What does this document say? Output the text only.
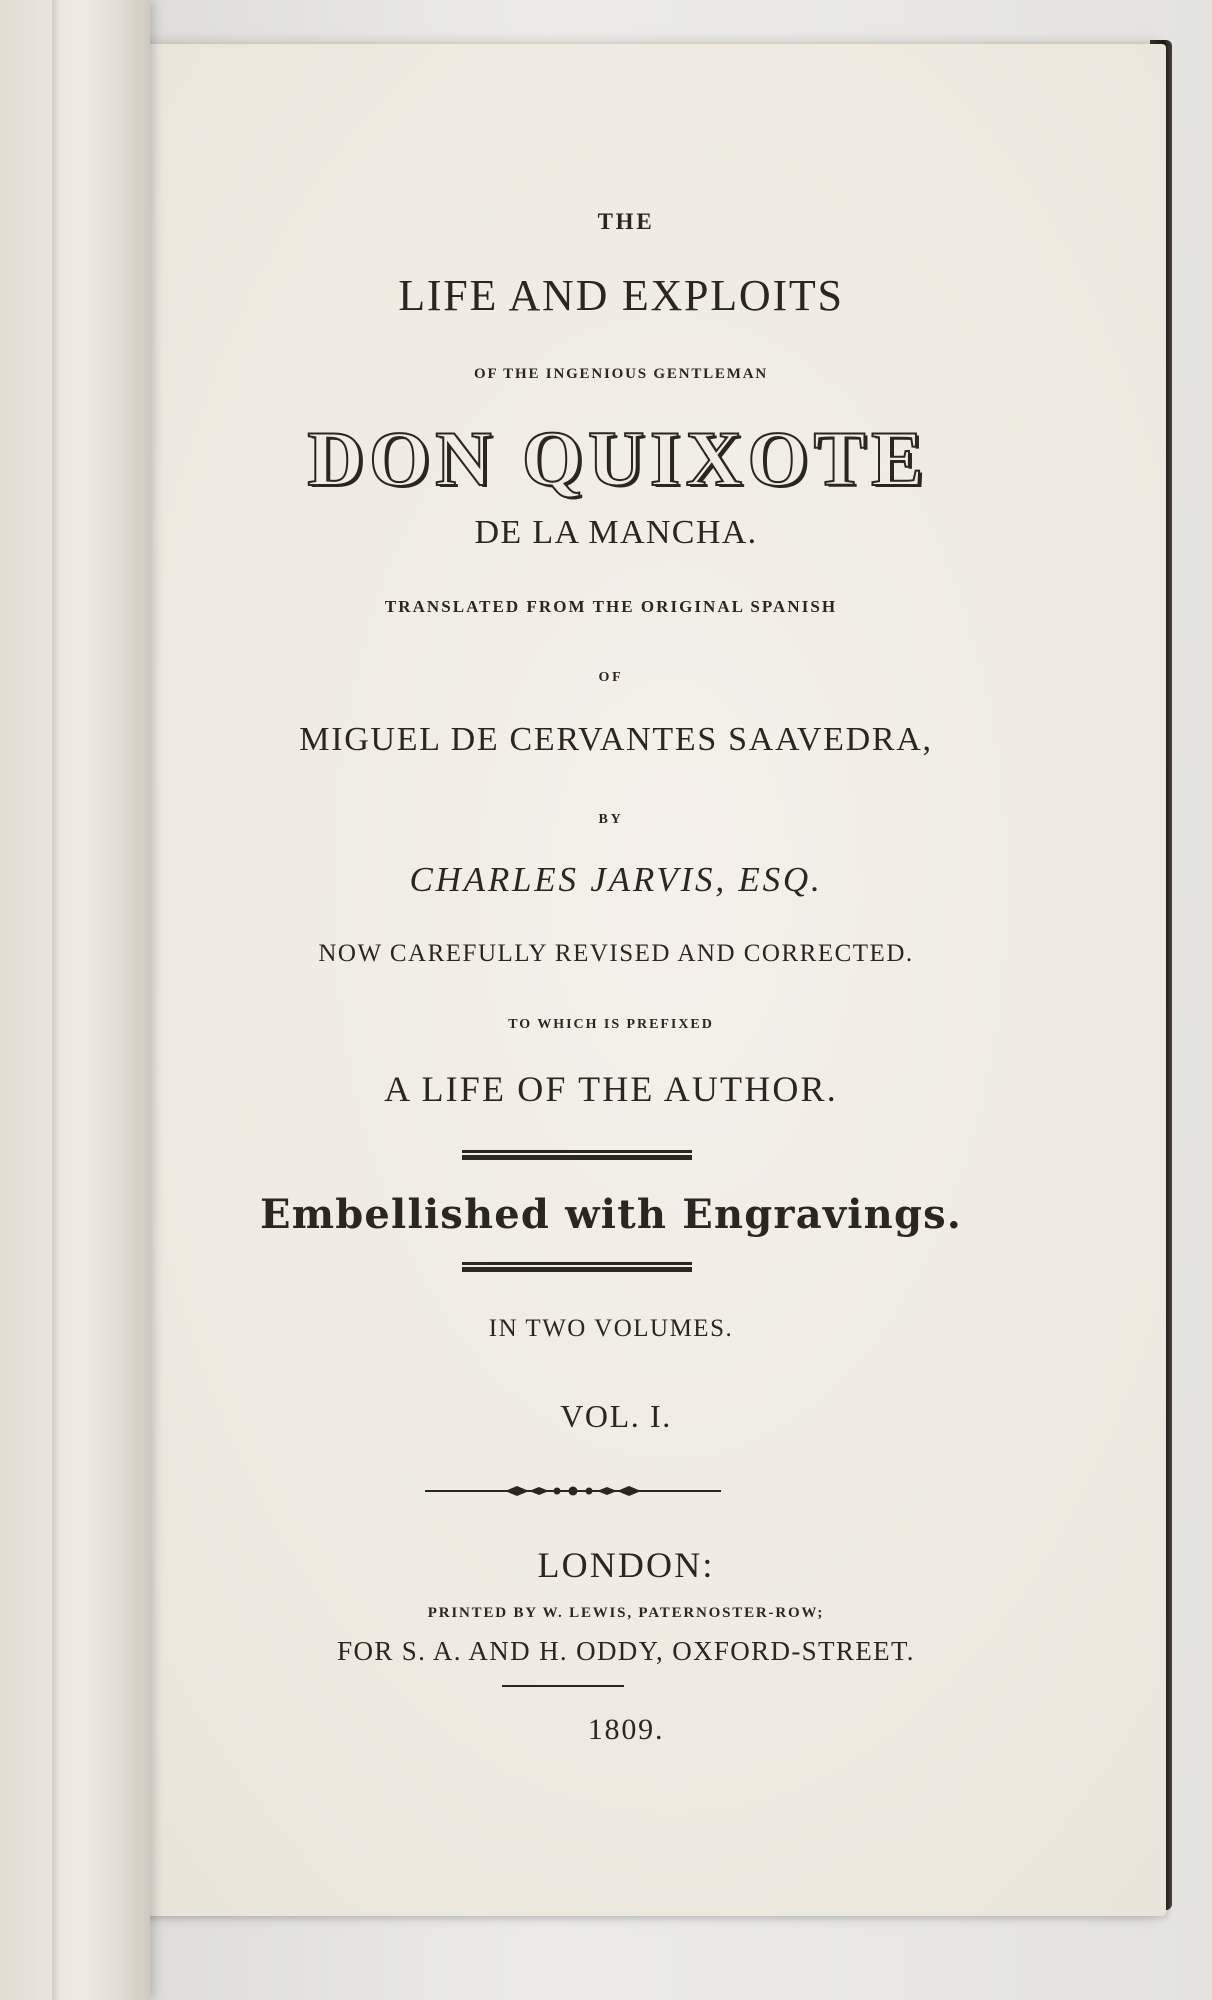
THE
LIFE AND EXPLOITS
OF THE INGENIOUS GENTLEMAN
DON QUIXOTE
DE LA MANCHA.
TRANSLATED FROM THE ORIGINAL SPANISH
OF
MIGUEL DE CERVANTES SAAVEDRA,
BY
CHARLES JARVIS, ESQ.
NOW CAREFULLY REVISED AND CORRECTED.
TO WHICH IS PREFIXED
A LIFE OF THE AUTHOR.
Embellished with Engravings.
IN TWO VOLUMES.
VOL. I.
LONDON:
PRINTED BY W. LEWIS, PATERNOSTER-ROW;
FOR S. A. AND H. ODDY, OXFORD-STREET.
1809.
